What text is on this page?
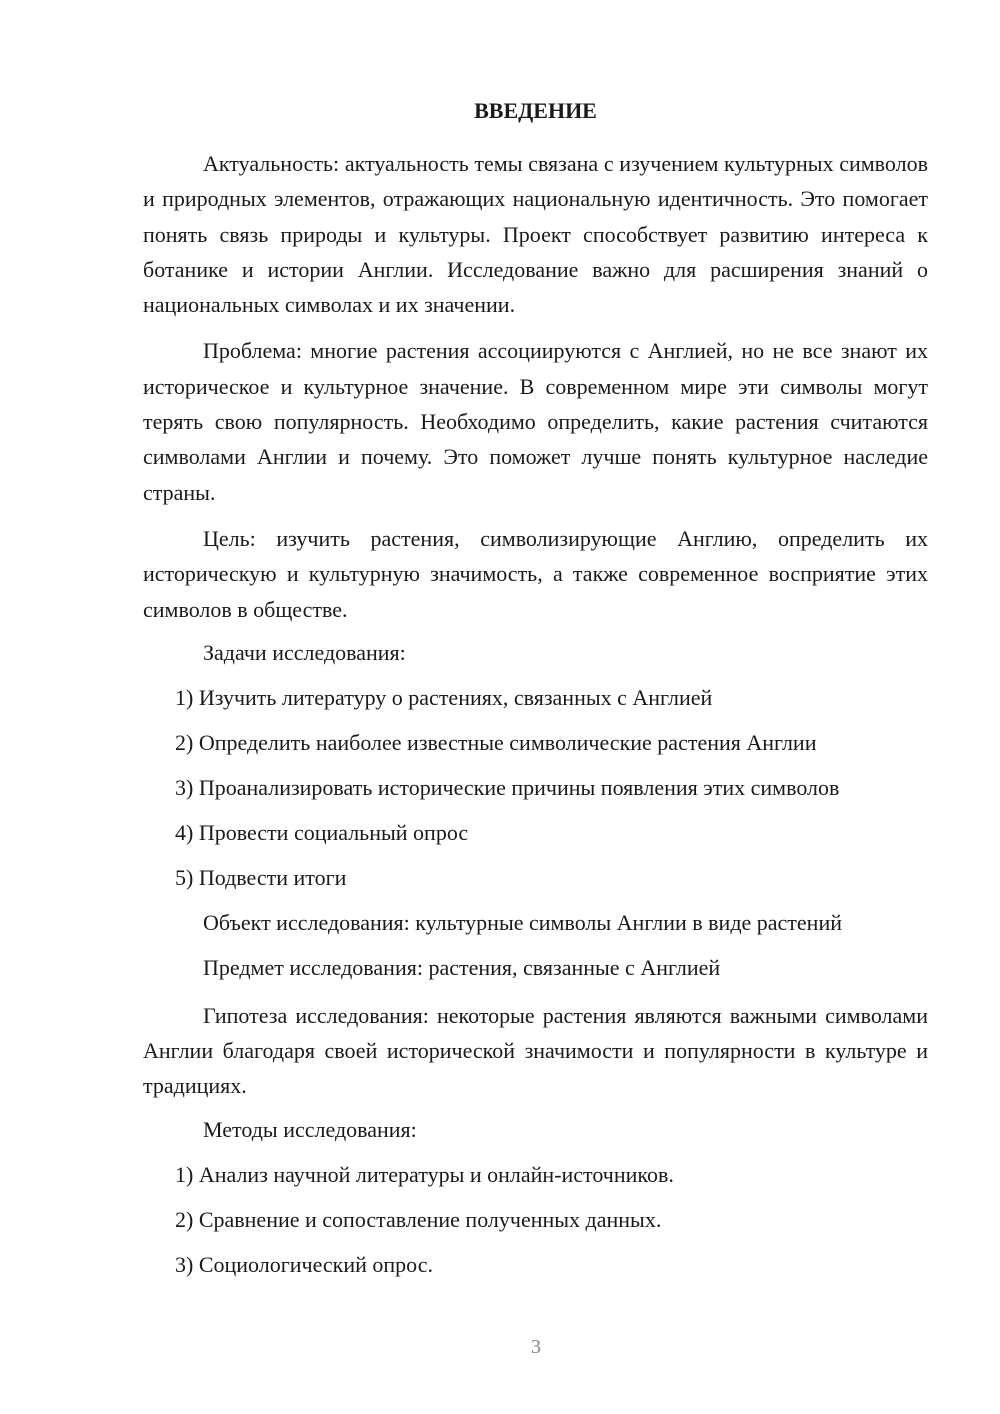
ВВЕДЕНИЕ

Актуальность: актуальность темы связана с изучением культурных символов и природных элементов, отражающих национальную идентичность. Это помогает понять связь природы и культуры. Проект способствует развитию интереса к ботанике и истории Англии. Исследование важно для расширения знаний о национальных символах и их значении.

Проблема: многие растения ассоциируются с Англией, но не все знают их историческое и культурное значение. В современном мире эти символы могут терять свою популярность. Необходимо определить, какие растения считаются символами Англии и почему. Это поможет лучше понять культурное наследие страны.

Цель: изучить растения, символизирующие Англию, определить их историческую и культурную значимость, а также современное восприятие этих символов в обществе.

Задачи исследования:
1) Изучить литературу о растениях, связанных с Англией
2) Определить наиболее известные символические растения Англии
3) Проанализировать исторические причины появления этих символов
4) Провести социальный опрос
5) Подвести итоги
Объект исследования: культурные символы Англии в виде растений
Предмет исследования: растения, связанные с Англией

Гипотеза исследования: некоторые растения являются важными символами Англии благодаря своей исторической значимости и популярности в культуре и традициях.

Методы исследования:
1) Анализ научной литературы и онлайн-источников.
2) Сравнение и сопоставление полученных данных.
3) Социологический опрос.
3
